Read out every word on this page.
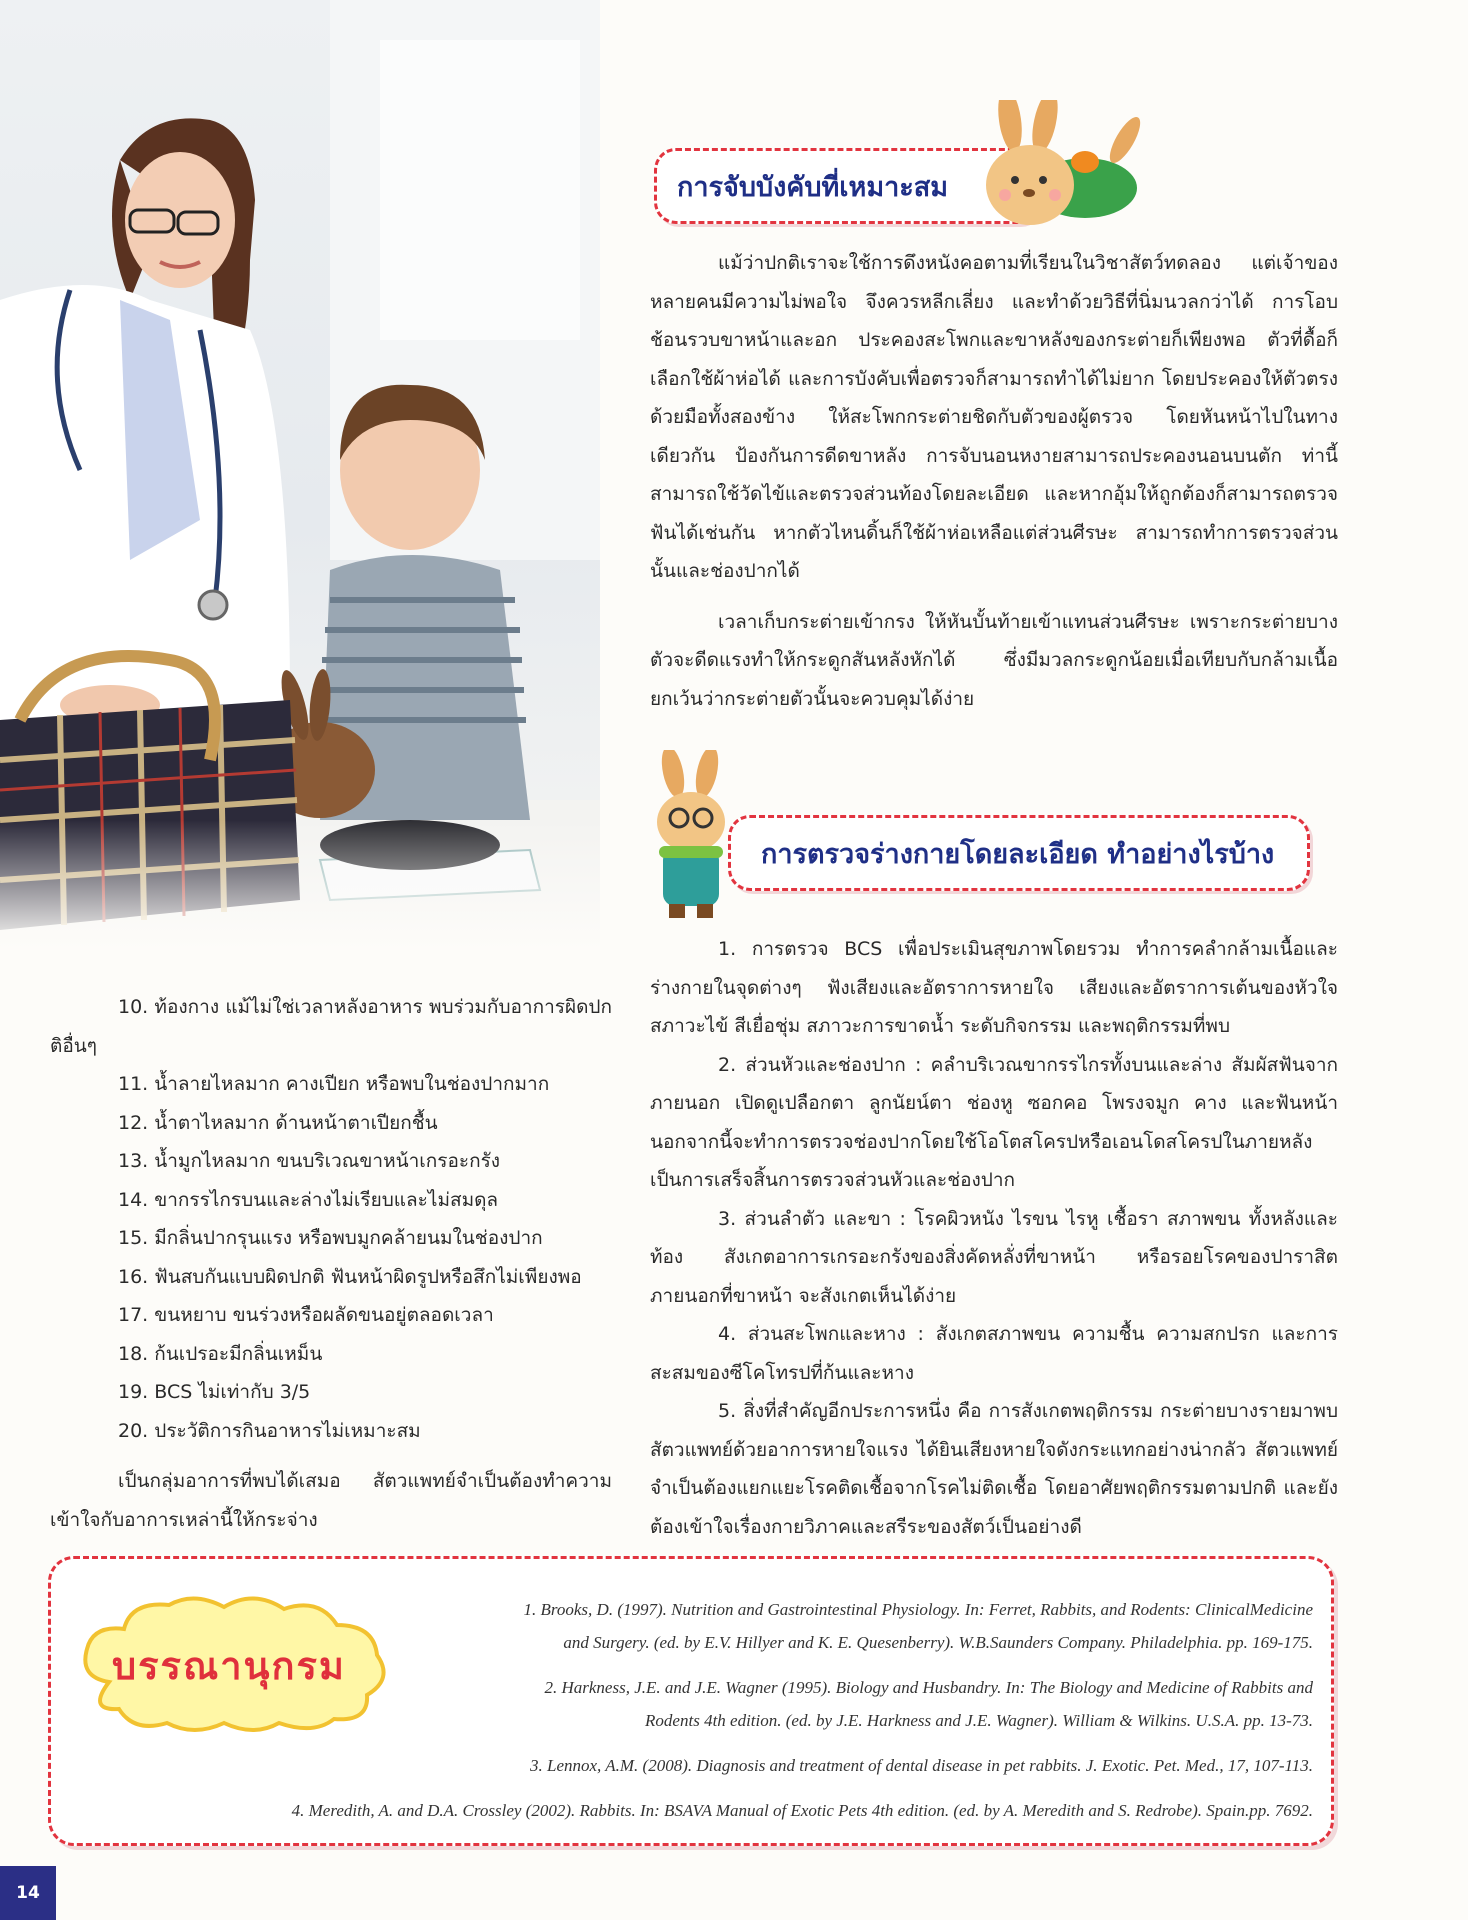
การจับบังคับที่เหมาะสม

แม้ว่าปกติเราจะใช้การดึงหนังคอตามที่เรียนในวิชาสัตว์ทดลอง แต่เจ้าของหลายคนมีความไม่พอใจ จึงควรหลีกเลี่ยง และทำด้วยวิธีที่นิ่มนวลกว่าได้ การโอบช้อนรวบขาหน้าและอก ประคองสะโพกและขาหลังของกระต่ายก็เพียงพอ ตัวที่ดื้อก็เลือกใช้ผ้าห่อได้ และการบังคับเพื่อตรวจก็สามารถทำได้ไม่ยาก โดยประคองให้ตัวตรงด้วยมือทั้งสองข้าง ให้สะโพกกระต่ายชิดกับตัวของผู้ตรวจ โดยหันหน้าไปในทางเดียวกัน ป้องกันการดีดขาหลัง การจับนอนหงายสามารถประคองนอนบนตัก ท่านี้สามารถใช้วัดไข้และตรวจส่วนท้องโดยละเอียด และหากอุ้มให้ถูกต้องก็สามารถตรวจฟันได้เช่นกัน หากตัวไหนดิ้นก็ใช้ผ้าห่อเหลือแต่ส่วนศีรษะ สามารถทำการตรวจส่วนนั้นและช่องปากได้

เวลาเก็บกระต่ายเข้ากรง ให้หันบั้นท้ายเข้าแทนส่วนศีรษะ เพราะกระต่ายบางตัวจะดีดแรงทำให้กระดูกสันหลังหักได้ ซึ่งมีมวลกระดูกน้อยเมื่อเทียบกับกล้ามเนื้อ ยกเว้นว่ากระต่ายตัวนั้นจะควบคุมได้ง่าย

การตรวจร่างกายโดยละเอียด ทำอย่างไรบ้าง

1. การตรวจ BCS เพื่อประเมินสุขภาพโดยรวม ทำการคลำกล้ามเนื้อและร่างกายในจุดต่างๆ ฟังเสียงและอัตราการหายใจ เสียงและอัตราการเต้นของหัวใจ สภาวะไข้ สีเยื่อชุ่ม สภาวะการขาดน้ำ ระดับกิจกรรม และพฤติกรรมที่พบ

2. ส่วนหัวและช่องปาก : คลำบริเวณขากรรไกรทั้งบนและล่าง สัมผัสฟันจากภายนอก เปิดดูเปลือกตา ลูกนัยน์ตา ช่องหู ซอกคอ โพรงจมูก คาง และฟันหน้า นอกจากนี้จะทำการตรวจช่องปากโดยใช้โอโตสโครปหรือเอนโดสโครปในภายหลัง เป็นการเสร็จสิ้นการตรวจส่วนหัวและช่องปาก

3. ส่วนลำตัว และขา : โรคผิวหนัง ไรขน ไรหู เชื้อรา สภาพขน ทั้งหลังและท้อง สังเกตอาการเกรอะกรังของสิ่งคัดหลั่งที่ขาหน้า หรือรอยโรคของปาราสิตภายนอกที่ขาหน้า จะสังเกตเห็นได้ง่าย

4. ส่วนสะโพกและหาง : สังเกตสภาพขน ความชื้น ความสกปรก และการสะสมของซีโคโทรปที่ก้นและหาง

5. สิ่งที่สำคัญอีกประการหนึ่ง คือ การสังเกตพฤติกรรม กระต่ายบางรายมาพบสัตวแพทย์ด้วยอาการหายใจแรง ได้ยินเสียงหายใจดังกระแทกอย่างน่ากลัว สัตวแพทย์จำเป็นต้องแยกแยะโรคติดเชื้อจากโรคไม่ติดเชื้อ โดยอาศัยพฤติกรรมตามปกติ และยังต้องเข้าใจเรื่องกายวิภาคและสรีระของสัตว์เป็นอย่างดี

10. ท้องกาง แม้ไม่ใช่เวลาหลังอาหาร พบร่วมกับอาการผิดปกติอื่นๆ

11. น้ำลายไหลมาก คางเปียก หรือพบในช่องปากมาก

12. น้ำตาไหลมาก ด้านหน้าตาเปียกชื้น

13. น้ำมูกไหลมาก ขนบริเวณขาหน้าเกรอะกรัง

14. ขากรรไกรบนและล่างไม่เรียบและไม่สมดุล

15. มีกลิ่นปากรุนแรง หรือพบมูกคล้ายนมในช่องปาก

16. ฟันสบกันแบบผิดปกติ ฟันหน้าผิดรูปหรือสึกไม่เพียงพอ

17. ขนหยาบ ขนร่วงหรือผลัดขนอยู่ตลอดเวลา

18. ก้นเปรอะมีกลิ่นเหม็น

19. BCS ไม่เท่ากับ 3/5

20. ประวัติการกินอาหารไม่เหมาะสม

เป็นกลุ่มอาการที่พบได้เสมอ สัตวแพทย์จำเป็นต้องทำความเข้าใจกับอาการเหล่านี้ให้กระจ่าง

บรรณานุกรม

1. Brooks, D. (1997). Nutrition and Gastrointestinal Physiology. In: Ferret, Rabbits, and Rodents: ClinicalMedicine

and Surgery. (ed. by E.V. Hillyer and K. E. Quesenberry). W.B.Saunders Company. Philadelphia. pp. 169-175.

2. Harkness, J.E. and J.E. Wagner (1995). Biology and Husbandry. In: The Biology and Medicine of Rabbits and

Rodents 4th edition. (ed. by J.E. Harkness and J.E. Wagner). William & Wilkins. U.S.A. pp. 13-73.

3. Lennox, A.M. (2008). Diagnosis and treatment of dental disease in pet rabbits. J. Exotic. Pet. Med., 17, 107-113.

4. Meredith, A. and D.A. Crossley (2002). Rabbits. In: BSAVA Manual of Exotic Pets 4th edition. (ed. by A. Meredith and S. Redrobe). Spain.pp. 7692.

14
